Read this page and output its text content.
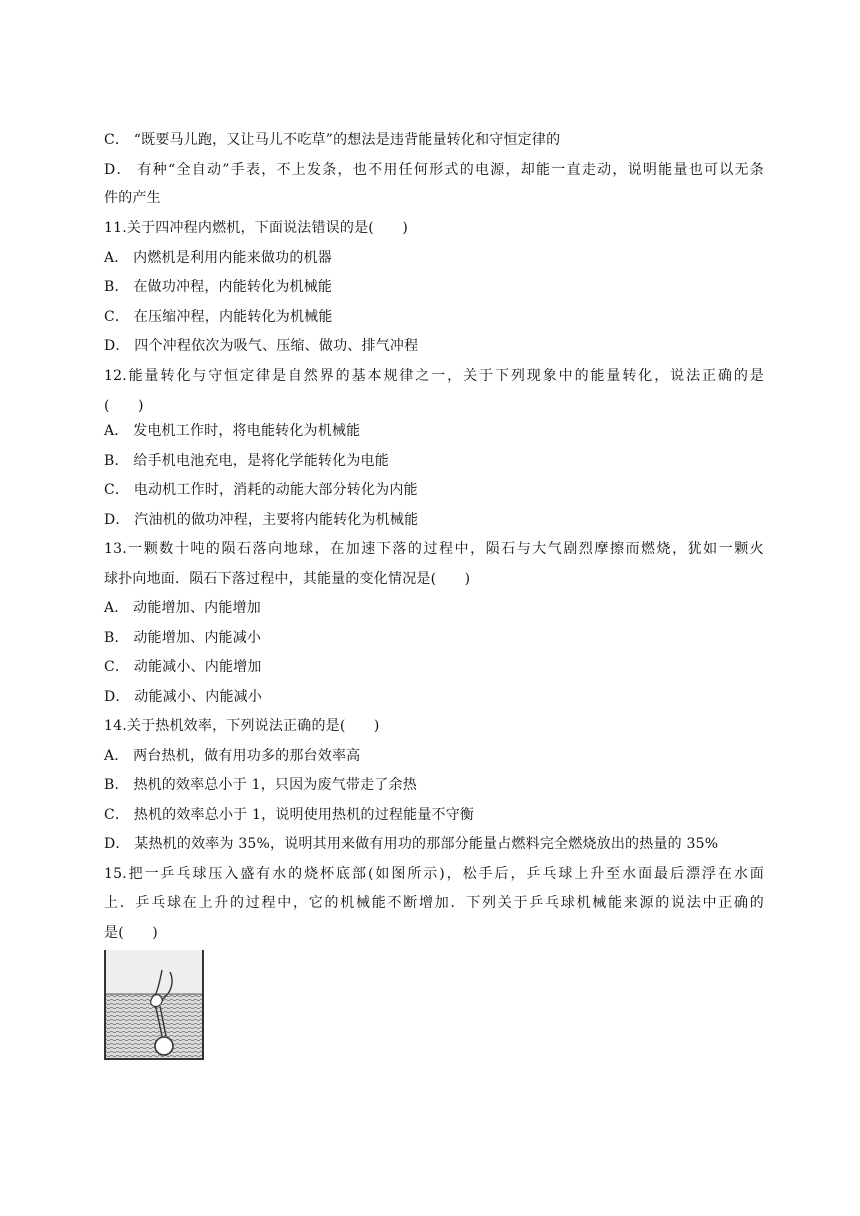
C． “既要马儿跑，又让马儿不吃草”的想法是违背能量转化和守恒定律的
D． 有种“全自动”手表，不上发条，也不用任何形式的电源，却能一直走动，说明能量也可以无条
件的产生
11.关于四冲程内燃机，下面说法错误的是(　　)
A． 内燃机是利用内能来做功的机器
B． 在做功冲程，内能转化为机械能
C． 在压缩冲程，内能转化为机械能
D． 四个冲程依次为吸气、压缩、做功、排气冲程
12.能量转化与守恒定律是自然界的基本规律之一，关于下列现象中的能量转化，说法正确的是
(　　)
A． 发电机工作时，将电能转化为机械能
B． 给手机电池充电，是将化学能转化为电能
C． 电动机工作时，消耗的动能大部分转化为内能
D． 汽油机的做功冲程，主要将内能转化为机械能
13.一颗数十吨的陨石落向地球，在加速下落的过程中，陨石与大气剧烈摩擦而燃烧，犹如一颗火
球扑向地面．陨石下落过程中，其能量的变化情况是(　　)
A． 动能增加、内能增加
B． 动能增加、内能减小
C． 动能减小、内能增加
D． 动能减小、内能减小
14.关于热机效率，下列说法正确的是(　　)
A． 两台热机，做有用功多的那台效率高
B． 热机的效率总小于 1，只因为废气带走了余热
C． 热机的效率总小于 1，说明使用热机的过程能量不守衡
D． 某热机的效率为 35%，说明其用来做有用功的那部分能量占燃料完全燃烧放出的热量的 35%
15.把一乒乓球压入盛有水的烧杯底部(如图所示)，松手后，乒乓球上升至水面最后漂浮在水面
上．乒乓球在上升的过程中，它的机械能不断增加．下列关于乒乓球机械能来源的说法中正确的
是(　　)
